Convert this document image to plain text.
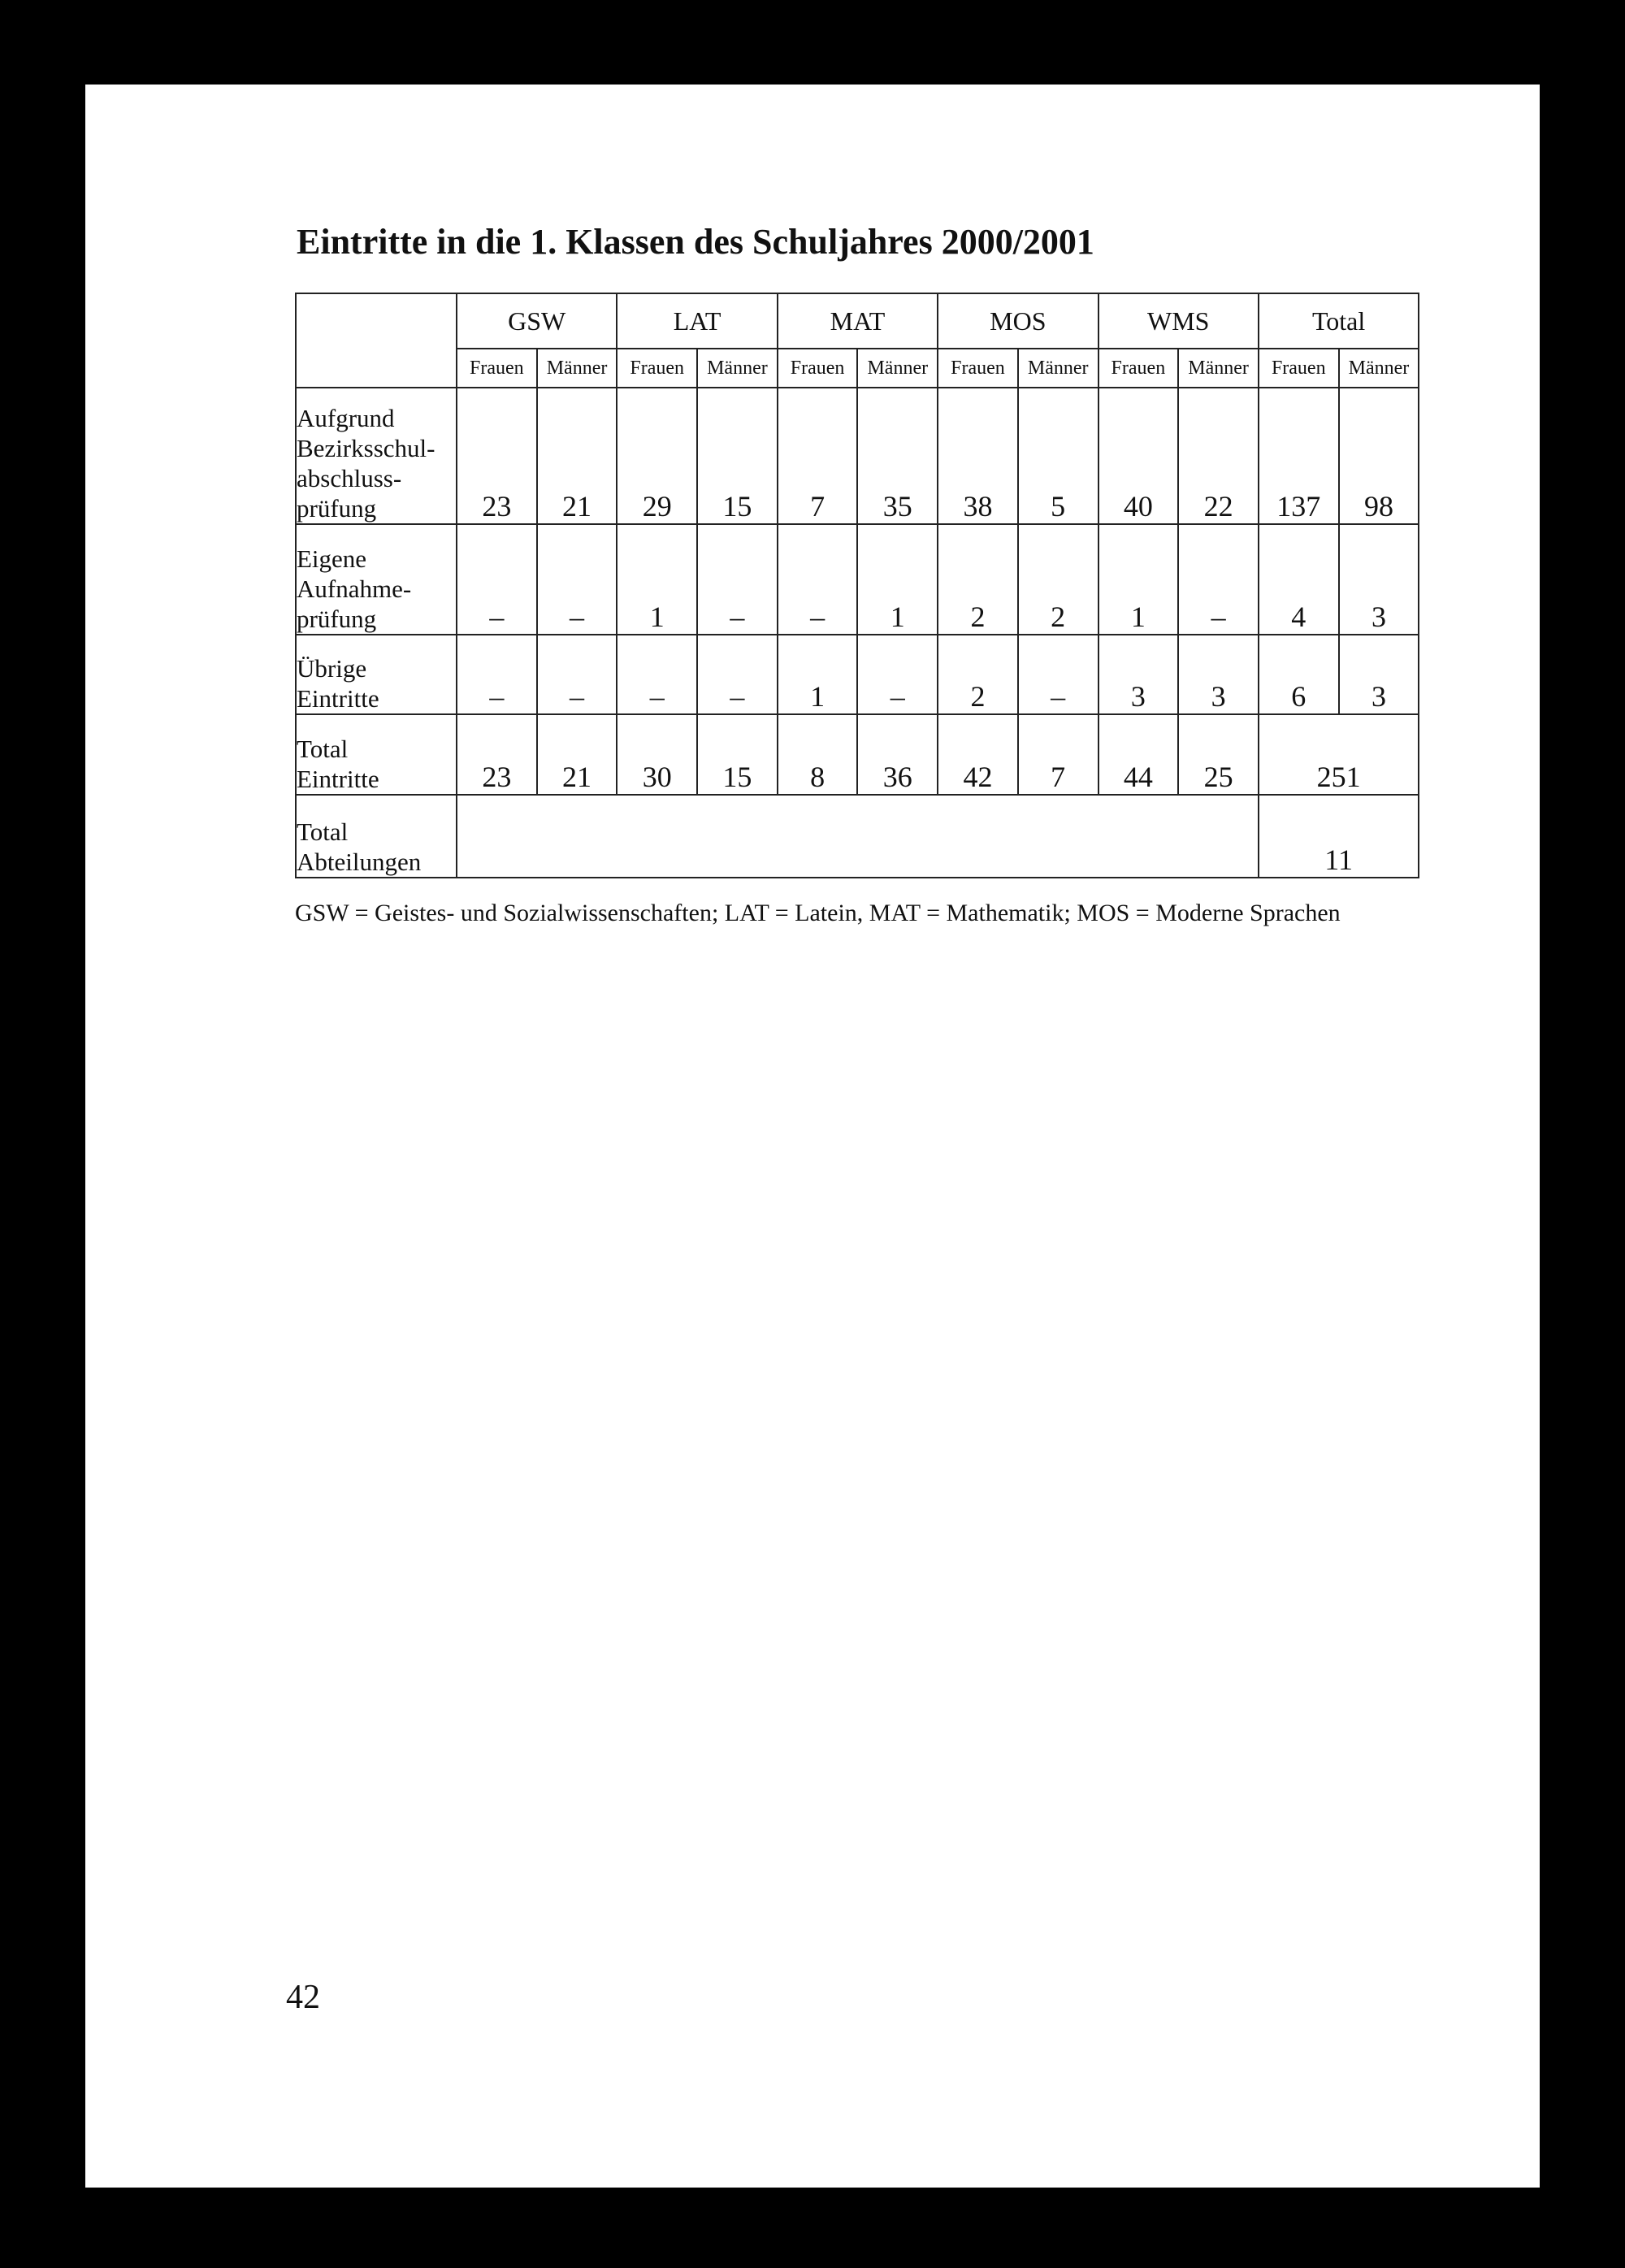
Eintritte in die 1. Klassen des Schuljahres 2000/2001
	GSW		LAT		MAT		MOS		WMS		Total	
	Frauen	Männer	Frauen	Männer	Frauen	Männer	Frauen	Männer	Frauen	Männer	Frauen	Männer

Aufgrund
Bezirksschul-
abschluss-
prüfung	23	21	29	15	7	35	38	5	40	22	137	98

Eigene
Aufnahme-
prüfung	–	–	1	–	–	1	2	2	1	–	4	3

Übrige
Eintritte	–	–	–	–	1	–	2	–	3	3	6	3

Total
Eintritte	23	21	30	15	8	36	42	7	44	25	251	

Total
Abteilungen											11	

GSW = Geistes- und Sozialwissenschaften; LAT = Latein, MAT = Mathematik; MOS = Moderne Sprachen

42
